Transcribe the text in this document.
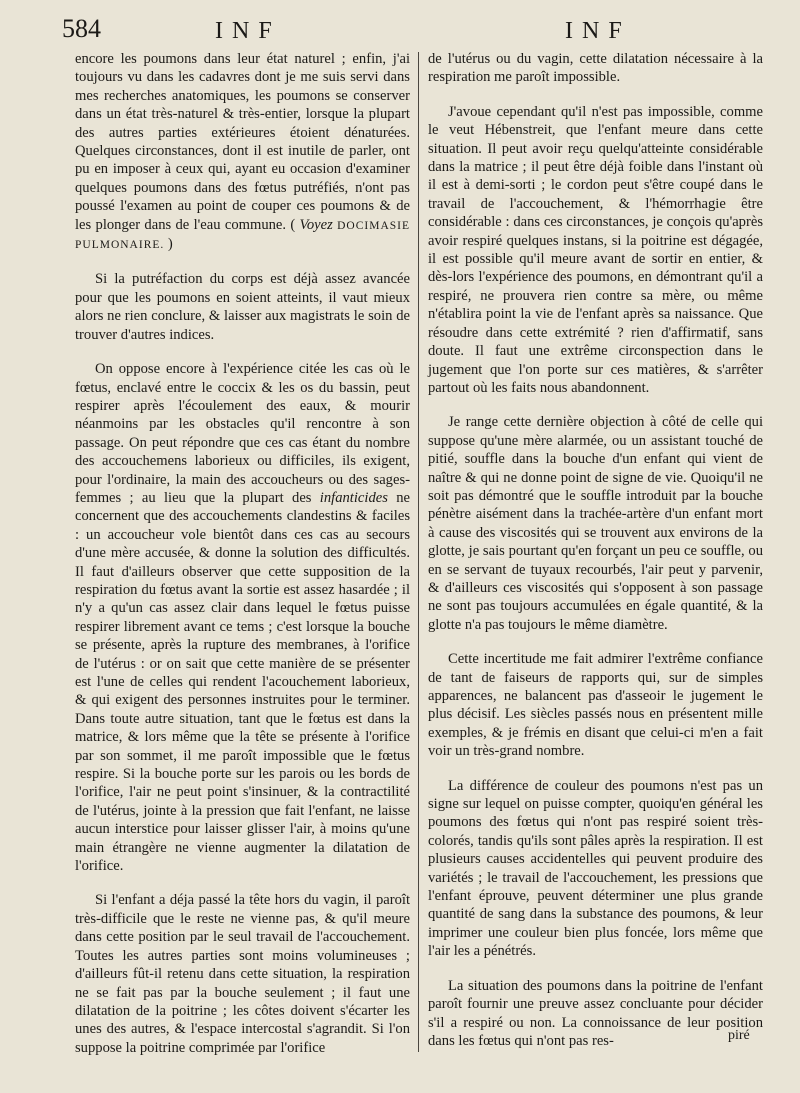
584	INF	INF

encore les poumons dans leur état naturel ; enfin, j'ai toujours vu dans les cadavres dont je me suis servi dans mes recherches anatomiques, les poumons se conserver dans un état très-naturel & très-entier, lorsque la plupart des autres parties extérieures étoient dénaturées. Quelques circonstances, dont il est inutile de parler, ont pu en imposer à ceux qui, ayant eu occasion d'examiner quelques poumons dans des fœtus putréfiés, n'ont pas poussé l'examen au point de couper ces poumons & de les plonger dans de l'eau commune. ( Voyez DOCIMASIE PULMONAIRE. )

Si la putréfaction du corps est déjà assez avancée pour que les poumons en soient atteints, il vaut mieux alors ne rien conclure, & laisser aux magistrats le soin de trouver d'autres indices.

On oppose encore à l'expérience citée les cas où le fœtus, enclavé entre le coccix & les os du bassin, peut respirer après l'écoulement des eaux, & mourir néanmoins par les obstacles qu'il rencontre à son passage. On peut répondre que ces cas étant du nombre des accouchemens laborieux ou difficiles, ils exigent, pour l'ordinaire, la main des accoucheurs ou des sages-femmes ; au lieu que la plupart des infanticides ne concernent que des accouchements clandestins & faciles : un accoucheur vole bientôt dans ces cas au secours d'une mère accusée, & donne la solution des difficultés. Il faut d'ailleurs observer que cette supposition de la respiration du fœtus avant la sortie est assez hasardée ; il n'y a qu'un cas assez clair dans lequel le fœtus puisse respirer librement avant ce tems ; c'est lorsque la bouche se présente, après la rupture des membranes, à l'orifice de l'utérus : or on sait que cette manière de se présenter est l'une de celles qui rendent l'acouchement laborieux, & qui exigent des personnes instruites pour le terminer. Dans toute autre situation, tant que le fœtus est dans la matrice, & lors même que la tête se présente à l'orifice par son sommet, il me paroît impossible que le fœtus respire. Si la bouche porte sur les parois ou les bords de l'orifice, l'air ne peut point s'insinuer, & la contractilité de l'utérus, jointe à la pression que fait l'enfant, ne laisse aucun interstice pour laisser glisser l'air, à moins qu'une main étrangère ne vienne augmenter la dilatation de l'orifice.

Si l'enfant a déja passé la tête hors du vagin, il paroît très-difficile que le reste ne vienne pas, & qu'il meure dans cette position par le seul travail de l'accouchement. Toutes les autres parties sont moins volumineuses ; d'ailleurs fût-il retenu dans cette situation, la respiration ne se fait pas par la bouche seulement ; il faut une dilatation de la poitrine ; les côtes doivent s'écarter les unes des autres, & l'espace intercostal s'agrandit. Si l'on suppose la poitrine comprimée par l'orifice

de l'utérus ou du vagin, cette dilatation nécessaire à la respiration me paroît impossible.

J'avoue cependant qu'il n'est pas impossible, comme le veut Hébenstreit, que l'enfant meure dans cette situation. Il peut avoir reçu quelqu'atteinte considérable dans la matrice ; il peut être déjà foible dans l'instant où il est à demi-sorti ; le cordon peut s'être coupé dans le travail de l'accouchement, & l'hémorrhagie être considérable : dans ces circonstances, je conçois qu'après avoir respiré quelques instans, si la poitrine est dégagée, il est possible qu'il meure avant de sortir en entier, & dès-lors l'expérience des poumons, en démontrant qu'il a respiré, ne prouvera rien contre sa mère, ou même n'établira point la vie de l'enfant après sa naissance. Que résoudre dans cette extrémité ? rien d'affirmatif, sans doute. Il faut une extrême circonspection dans le jugement que l'on porte sur ces matières, & s'arrêter partout où les faits nous abandonnent.

Je range cette dernière objection à côté de celle qui suppose qu'une mère alarmée, ou un assistant touché de pitié, souffle dans la bouche d'un enfant qui vient de naître & qui ne donne point de signe de vie. Quoiqu'il ne soit pas démontré que le souffle introduit par la bouche pénètre aisément dans la trachée-artère d'un enfant mort à cause des viscosités qui se trouvent aux environs de la glotte, je sais pourtant qu'en forçant un peu ce souffle, ou en se servant de tuyaux recourbés, l'air peut y parvenir, & d'ailleurs ces viscosités qui s'opposent à son passage ne sont pas toujours accumulées en égale quantité, & la glotte n'a pas toujours le même diamètre.

Cette incertitude me fait admirer l'extrême confiance de tant de faiseurs de rapports qui, sur de simples apparences, ne balancent pas d'asseoir le jugement le plus décisif. Les siècles passés nous en présentent mille exemples, & je frémis en disant que celui-ci m'en a fait voir un très-grand nombre.

La différence de couleur des poumons n'est pas un signe sur lequel on puisse compter, quoiqu'en général les poumons des fœtus qui n'ont pas respiré soient très-colorés, tandis qu'ils sont pâles après la respiration. Il est plusieurs causes accidentelles qui peuvent produire des variétés ; le travail de l'accouchement, les pressions que l'enfant éprouve, peuvent déterminer une plus grande quantité de sang dans la substance des poumons, & leur imprimer une couleur bien plus foncée, lors même que l'air les a pénétrés.

La situation des poumons dans la poitrine de l'enfant paroît fournir une preuve assez concluante pour décider s'il a respiré ou non. La connoissance de leur position dans les fœtus qui n'ont pas res-	piré
